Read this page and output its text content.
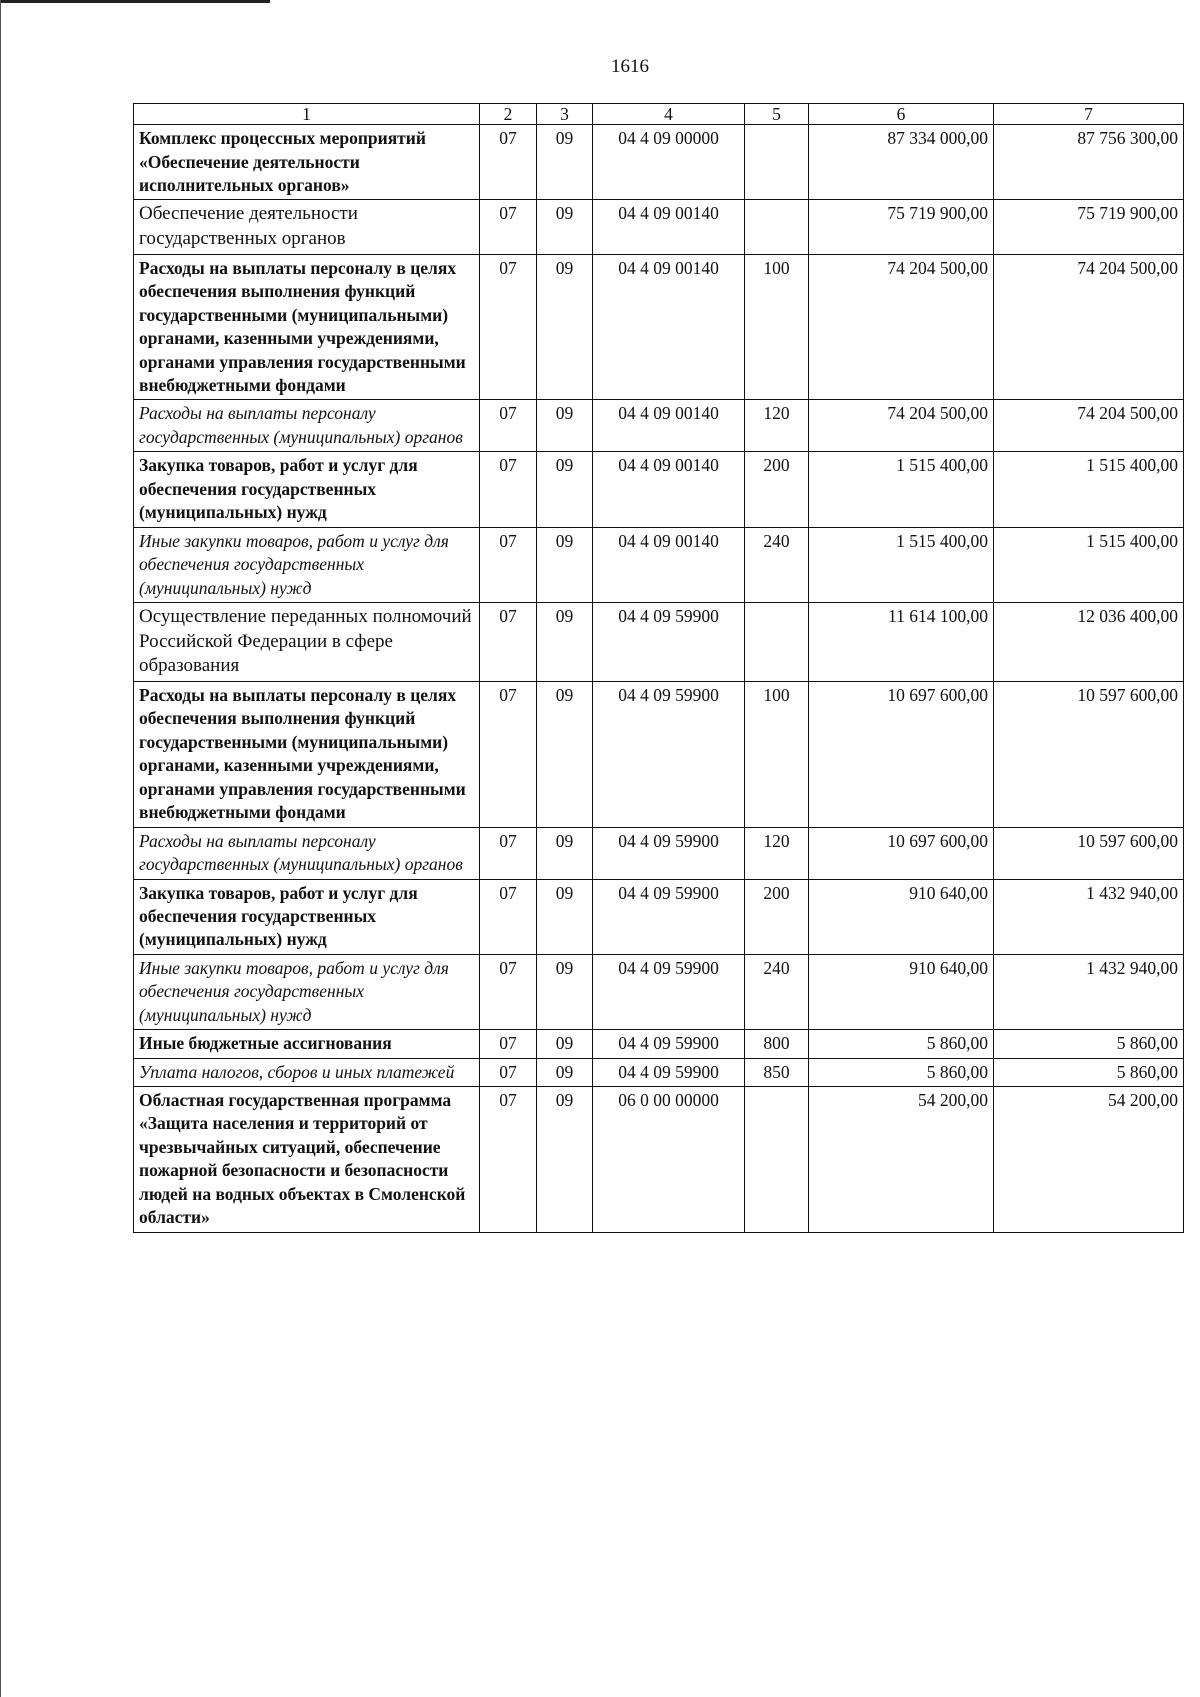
1616
1	2	3	4	5	6	7
Комплекс процессных мероприятий «Обеспечение деятельности исполнительных органов»	07	09	04 4 09 00000		87 334 000,00	87 756 300,00
Обеспечение деятельности государственных органов	07	09	04 4 09 00140		75 719 900,00	75 719 900,00
Расходы на выплаты персоналу в целях обеспечения выполнения функций государственными (муниципальными) органами, казенными учреждениями, органами управления государственными внебюджетными фондами	07	09	04 4 09 00140	100	74 204 500,00	74 204 500,00
Расходы на выплаты персоналу государственных (муниципальных) органов	07	09	04 4 09 00140	120	74 204 500,00	74 204 500,00
Закупка товаров, работ и услуг для обеспечения государственных (муниципальных) нужд	07	09	04 4 09 00140	200	1 515 400,00	1 515 400,00
Иные закупки товаров, работ и услуг для обеспечения государственных (муниципальных) нужд	07	09	04 4 09 00140	240	1 515 400,00	1 515 400,00
Осуществление переданных полномочий Российской Федерации в сфере образования	07	09	04 4 09 59900		11 614 100,00	12 036 400,00
Расходы на выплаты персоналу в целях обеспечения выполнения функций государственными (муниципальными) органами, казенными учреждениями, органами управления государственными внебюджетными фондами	07	09	04 4 09 59900	100	10 697 600,00	10 597 600,00
Расходы на выплаты персоналу государственных (муниципальных) органов	07	09	04 4 09 59900	120	10 697 600,00	10 597 600,00
Закупка товаров, работ и услуг для обеспечения государственных (муниципальных) нужд	07	09	04 4 09 59900	200	910 640,00	1 432 940,00
Иные закупки товаров, работ и услуг для обеспечения государственных (муниципальных) нужд	07	09	04 4 09 59900	240	910 640,00	1 432 940,00
Иные бюджетные ассигнования	07	09	04 4 09 59900	800	5 860,00	5 860,00
Уплата налогов, сборов и иных платежей	07	09	04 4 09 59900	850	5 860,00	5 860,00
Областная государственная программа «Защита населения и территорий от чрезвычайных ситуаций, обеспечение пожарной безопасности и безопасности людей на водных объектах в Смоленской области»	07	09	06 0 00 00000		54 200,00	54 200,00
